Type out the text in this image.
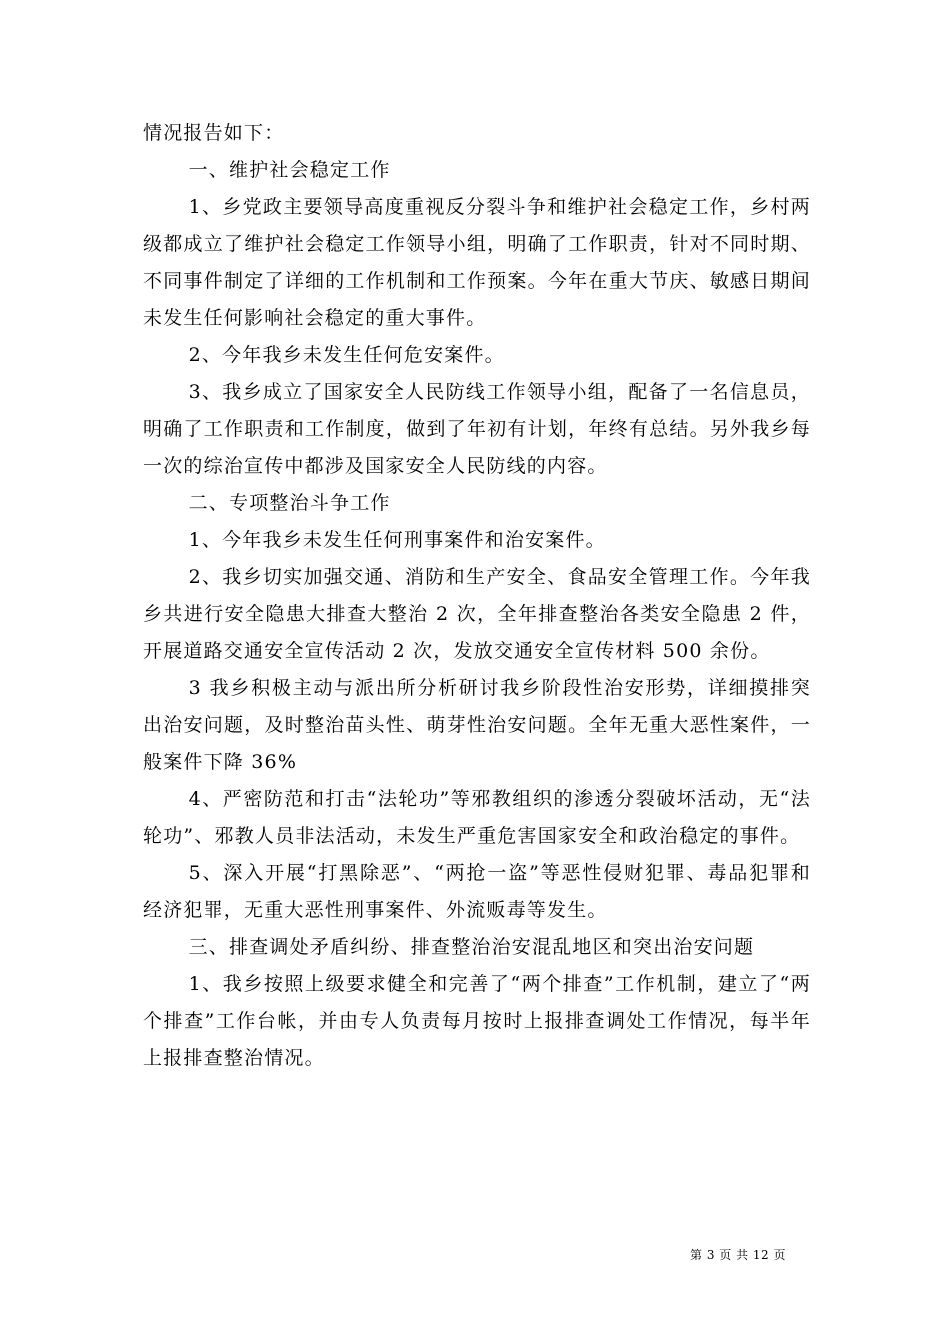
情况报告如下：

一、维护社会稳定工作

1、乡党政主要领导高度重视反分裂斗争和维护社会稳定工作，乡村两级都成立了维护社会稳定工作领导小组，明确了工作职责，针对不同时期、不同事件制定了详细的工作机制和工作预案。今年在重大节庆、敏感日期间未发生任何影响社会稳定的重大事件。

2、今年我乡未发生任何危安案件。

3、我乡成立了国家安全人民防线工作领导小组，配备了一名信息员，明确了工作职责和工作制度，做到了年初有计划，年终有总结。另外我乡每一次的综治宣传中都涉及国家安全人民防线的内容。

二、专项整治斗争工作

1、今年我乡未发生任何刑事案件和治安案件。

2、我乡切实加强交通、消防和生产安全、食品安全管理工作。今年我乡共进行安全隐患大排查大整治 2 次，全年排查整治各类安全隐患 2 件，开展道路交通安全宣传活动 2 次，发放交通安全宣传材料 500 余份。

3 我乡积极主动与派出所分析研讨我乡阶段性治安形势，详细摸排突出治安问题，及时整治苗头性、萌芽性治安问题。全年无重大恶性案件，一般案件下降 36%

4、严密防范和打击“法轮功”等邪教组织的渗透分裂破坏活动，无“法轮功”、邪教人员非法活动，未发生严重危害国家安全和政治稳定的事件。

5、深入开展“打黑除恶”、“两抢一盗”等恶性侵财犯罪、毒品犯罪和经济犯罪，无重大恶性刑事案件、外流贩毒等发生。

三、排查调处矛盾纠纷、排查整治治安混乱地区和突出治安问题

1、我乡按照上级要求健全和完善了“两个排查”工作机制，建立了“两个排查”工作台帐，并由专人负责每月按时上报排查调处工作情况，每半年上报排查整治情况。

第 3 页 共 12 页
